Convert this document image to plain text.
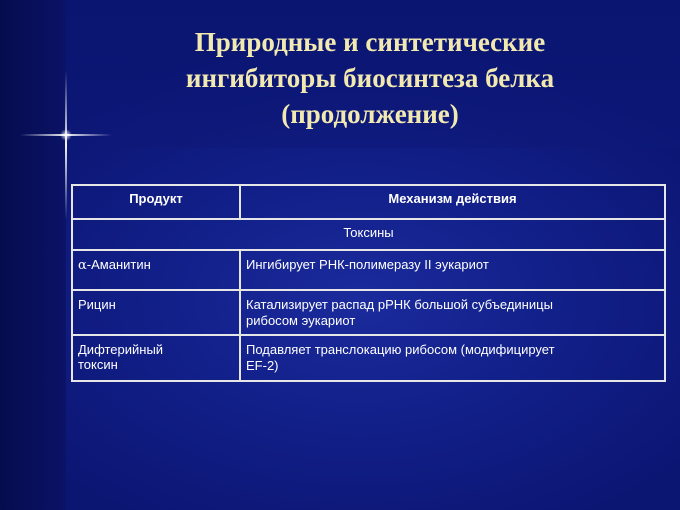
Природные и синтетические
ингибиторы биосинтеза белка
(продолжение)
Продукт	Механизм действия
Токсины	
α-Аманитин	Ингибирует РНК-полимеразу II эукариот
Рицин	Катализирует распад рРНК большой субъединицы
рибосом эукариот
Дифтерийный
токсин	Подавляет транслокацию рибосом (модифицирует
EF-2)
